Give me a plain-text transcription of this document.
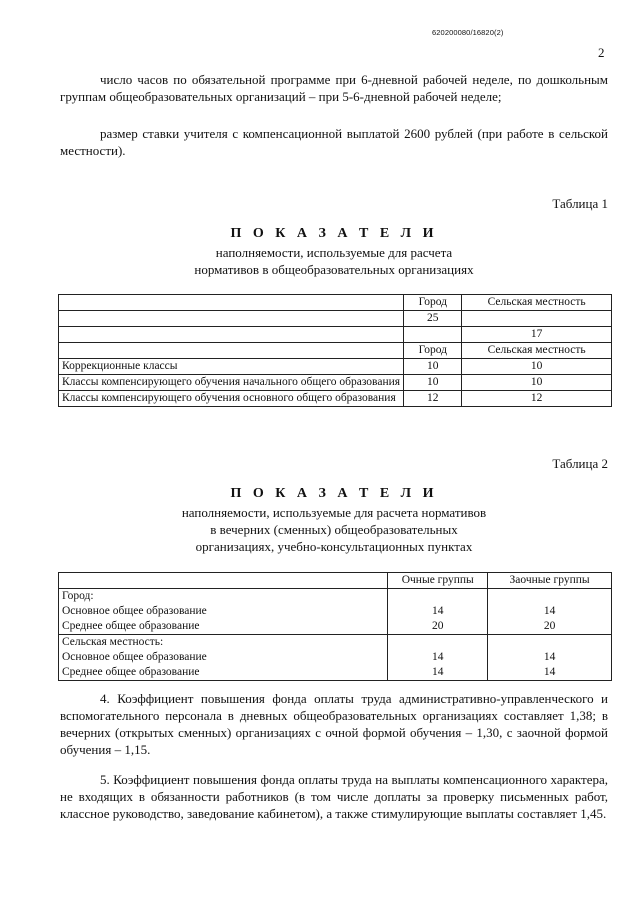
620200080/16820(2)
2

число часов по обязательной программе при 6-дневной рабочей неделе, по дошкольным группам общеобразовательных организаций – при 5-6-дневной рабочей неделе;

размер ставки учителя с компенсационной выплатой 2600 рублей (при работе в сельской местности).

Таблица 1
П О К А З А Т Е Л И
наполняемости, используемые для расчета
нормативов в общеобразовательных организациях
	Город	Сельская местность
	25	
		17
	Город	Сельская местность
Коррекционные классы	10	10
Классы компенсирующего обучения начального общего образования	10	10
Классы компенсирующего обучения основного общего образования	12	12
Таблица 2
П О К А З А Т Е Л И
наполняемости, используемые для расчета нормативов
в вечерних (сменных) общеобразовательных
организациях, учебно-консультационных пунктах
	Очные группы	Заочные группы
Город:		
Основное общее образование	14	14
Среднее общее образование	20	20
Сельская местность:		
Основное общее образование	14	14
Среднее общее образование	14	14

4. Коэффициент повышения фонда оплаты труда административно-управленческого и вспомогательного персонала в дневных общеобразовательных организациях составляет 1,38; в вечерних (открытых сменных) организациях с очной формой обучения – 1,30, с заочной формой обучения – 1,15.

5. Коэффициент повышения фонда оплаты труда на выплаты компенсационного характера, не входящих в обязанности работников (в том числе доплаты за проверку письменных работ, классное руководство, заведование кабинетом), а также стимулирующие выплаты составляет 1,45.
